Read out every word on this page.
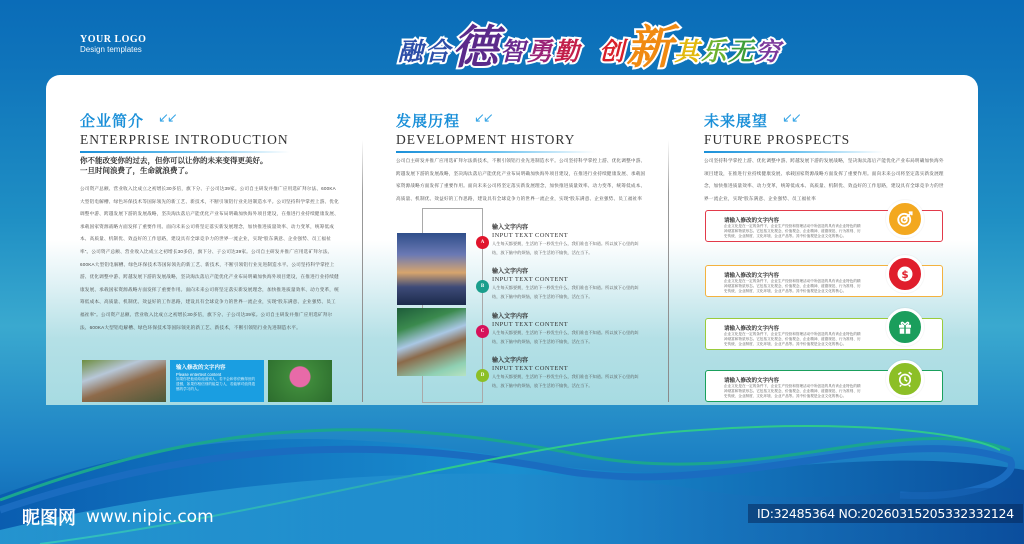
YOUR LOGO
Design templates	融 合 德 智 勇 勤 创 新 其 乐 无 穷
企业简介 ↙↙
ENTERPRISE INTRODUCTION
你不能改变你的过去，但你可以让你的未来变得更美好。
一旦时间浪费了，生命就浪费了。
公司资产总额、营业收入比成立之初增长30多倍，旗下分、子公司达39家。公司自主研发并推广应用选矿拜尔法、600KA大型铝电解槽、绿色环保技术等国际领先的新工艺、新技术，不断引领铝行业先进制造水平。公司坚持科学掌控上游、优化调整中游、跨越发展下游的发展战略，坚决淘汰落后产能优化产业布局明确加快海外项目建设，在推进行业持续健康发展、承载国家资源战略方面发挥了重要作用。面向未来公司将坚定落实新发展理念，加快推进质量效率、动力变革，统筹低成本、高质量、机制优、效益好的工作思路，建设具有全球竞争力的世界一流企业，实现“股东满意、企业强势、员工福祉率”。公司资产总额、营业收入比成立之初增长30多倍，旗下分、子公司达39家。公司自主研发并推广应用选矿拜尔法、600KA大型铝电解槽、绿色环保技术等国际领先的新工艺、新技术，不断引领铝行业先进制造水平。公司坚持科学掌控上游、优化调整中游、跨越发展下游的发展战略，坚决淘汰落后产能优化产业布局明确加快海外项目建设，在推进行业持续健康发展、承载国家资源战略方面发挥了重要作用。面向未来公司将坚定落实新发展理念，加快推进质量效率、动力变革，统筹低成本、高质量、机制优、效益好的工作思路，建设具有全球竞争力的世界一流企业，实现“股东满意、企业强势、员工福祉率”。公司资产总额、营业收入比成立之初增长30多倍，旗下分、子公司达39家。公司自主研发并推广应用选矿拜尔法、600KA大型铝电解槽、绿色环保技术等国际领先的新工艺、新技术，不断引领铝行业先进制造水平。
输入修改的文字内容
Please entertext content
如果你把他说给他道别人，若不会和你依赖得世的遗憾，如果你相信别的能量力人，若能够对值得遗憾的学习的人。
发展历程 ↙↙
DEVELOPMENT HISTORY
公司自主研发并推广应用选矿拜尔法新技术，不断引领铝行业先进制造水平。公司坚持科学掌控上游、优化调整中游、跨越发展下游的发展战略，坚决淘汰落后产能优化产业布局明确加快海外项目建设，在推进行业持续健康发展、承载国家资源战略方面发挥了重要作用。面向未来公司将坚定落实新发展理念，加快推进质量效率、动力变革，统筹低成本、高质量、机制优、效益好的工作思路，建设具有全球竞争力的世界一流企业，实现“股东满意、企业强势、员工福祉率
A
输入文字内容
INPUT TEXT CONTENT
人生每天都要拥，生活的下一秒发生什么，我们谁也不知道。所以放下心里的纠结，放下脑中的烦恼，放下生活的不愉快，活在当下。
B
输入文字内容
INPUT TEXT CONTENT
人生每天都要拥，生活的下一秒发生什么，我们谁也不知道。所以放下心里的纠结，放下脑中的烦恼，放下生活的不愉快，活在当下。
C
输入文字内容
INPUT TEXT CONTENT
人生每天都要拥，生活的下一秒发生什么，我们谁也不知道。所以放下心里的纠结，放下脑中的烦恼，放下生活的不愉快，活在当下。
D
输入文字内容
INPUT TEXT CONTENT
人生每天都要拥，生活的下一秒发生什么，我们谁也不知道。所以放下心里的纠结，放下脑中的烦恼，放下生活的不愉快，活在当下。
未来展望 ↙↙
FUTURE PROSPECTS
公司坚持科学掌控上游、优化调整中游、跨越发展下游的发展战略，坚决淘汰落后产能优化产业布局明确加快海外项目建设，在推进行业持续健康发展、承载国家资源战略方面发挥了重要作用。面向未来公司将坚定落实新发展理念，加快推进质量效率、动力变革，统筹低成本、高质量、机制优、效益好的工作思路，建设具有全球竞争力的世界一流企业，实现“股东满意、企业强势、员工福祉率
请输入修改的文字内容
企业文化是在一定的条件下，企业生产经营和管理活动中所创造的具有该企业特色的精神财富和物质形态。它包括文化观念、价值观念、企业精神、道德规范、行为准则、历史传统、企业制度、文化环境、企业产品等。其中价值观是企业文化的核心。
请输入修改的文字内容
企业文化是在一定的条件下，企业生产经营和管理活动中所创造的具有该企业特色的精神财富和物质形态。它包括文化观念、价值观念、企业精神、道德规范、行为准则、历史传统、企业制度、文化环境、企业产品等。其中价值观是企业文化的核心。
$
请输入修改的文字内容
企业文化是在一定的条件下，企业生产经营和管理活动中所创造的具有该企业特色的精神财富和物质形态。它包括文化观念、价值观念、企业精神、道德规范、行为准则、历史传统、企业制度、文化环境、企业产品等。其中价值观是企业文化的核心。
请输入修改的文字内容
企业文化是在一定的条件下，企业生产经营和管理活动中所创造的具有该企业特色的精神财富和物质形态。它包括文化观念、价值观念、企业精神、道德规范、行为准则、历史传统、企业制度、文化环境、企业产品等。其中价值观是企业文化的核心。
昵图网 www.nipic.com	ID:32485364 NO:20260315205332332124
